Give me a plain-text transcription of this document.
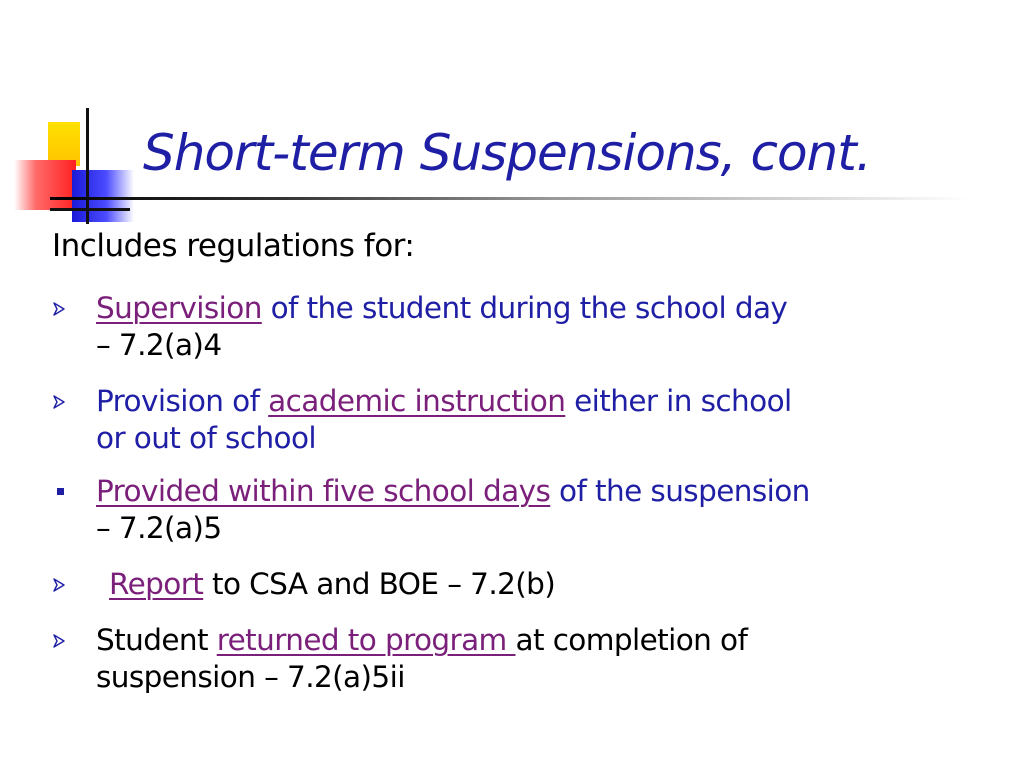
Short-term Suspensions, cont.
Includes regulations for:
Supervision of the student during the school day
– 7.2(a)4
Provision of academic instruction either in school
or out of school
Provided within five school days of the suspension
– 7.2(a)5
Report to CSA and BOE – 7.2(b)
Student returned to program at completion of
suspension – 7.2(a)5ii
